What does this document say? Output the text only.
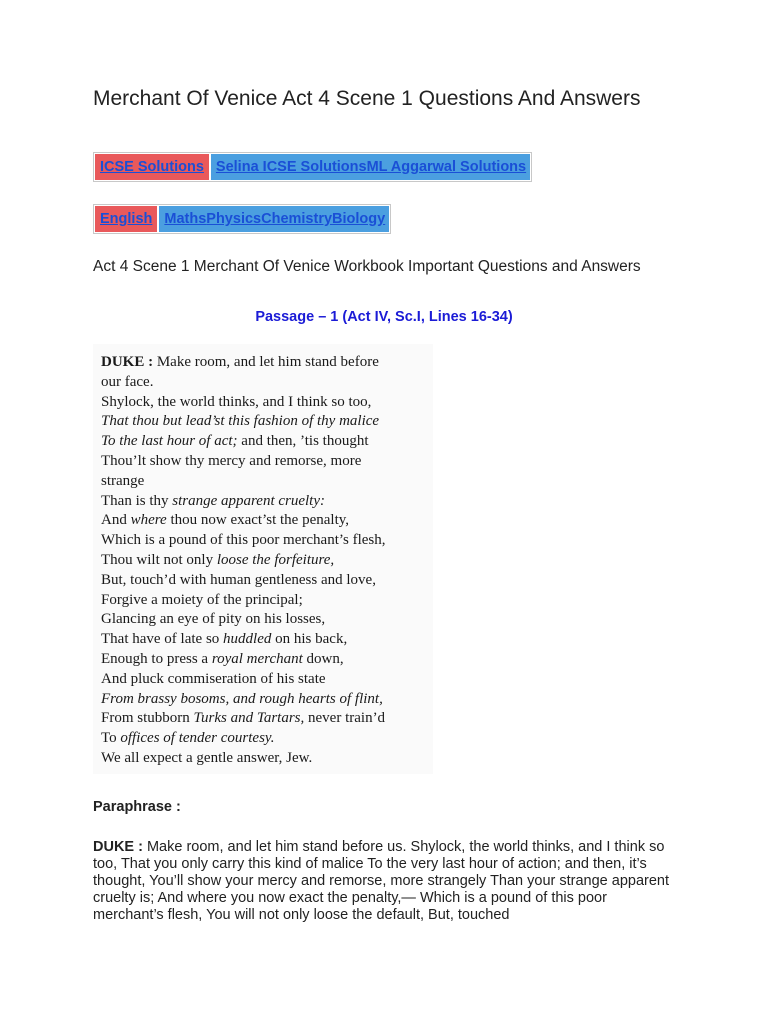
Merchant Of Venice Act 4 Scene 1 Questions And Answers
ICSE Solutions Selina ICSE Solutions ML Aggarwal Solutions
English Maths Physics Chemistry Biology

Act 4 Scene 1 Merchant Of Venice Workbook Important Questions and Answers

Passage – 1 (Act IV, Sc.I, Lines 16-34)

DUKE : Make room, and let him stand before
our face.
Shylock, the world thinks, and I think so too,
That thou but lead’st this fashion of thy malice
To the last hour of act; and then, ’tis thought
Thou’lt show thy mercy and remorse, more
strange
Than is thy strange apparent cruelty:
And where thou now exact’st the penalty,
Which is a pound of this poor merchant’s flesh,
Thou wilt not only loose the forfeiture,
But, touch’d with human gentleness and love,
Forgive a moiety of the principal;
Glancing an eye of pity on his losses,
That have of late so huddled on his back,
Enough to press a royal merchant down,
And pluck commiseration of his state
From brassy bosoms, and rough hearts of flint,
From stubborn Turks and Tartars, never train’d
To offices of tender courtesy.
We all expect a gentle answer, Jew.

Paraphrase :

DUKE : Make room, and let him stand before us. Shylock, the world thinks, and I think so too, That you only carry this kind of malice To the very last hour of action; and then, it’s thought, You’ll show your mercy and remorse, more strangely Than your strange apparent cruelty is; And where you now exact the penalty,— Which is a pound of this poor merchant’s flesh, You will not only loose the default, But, touched
